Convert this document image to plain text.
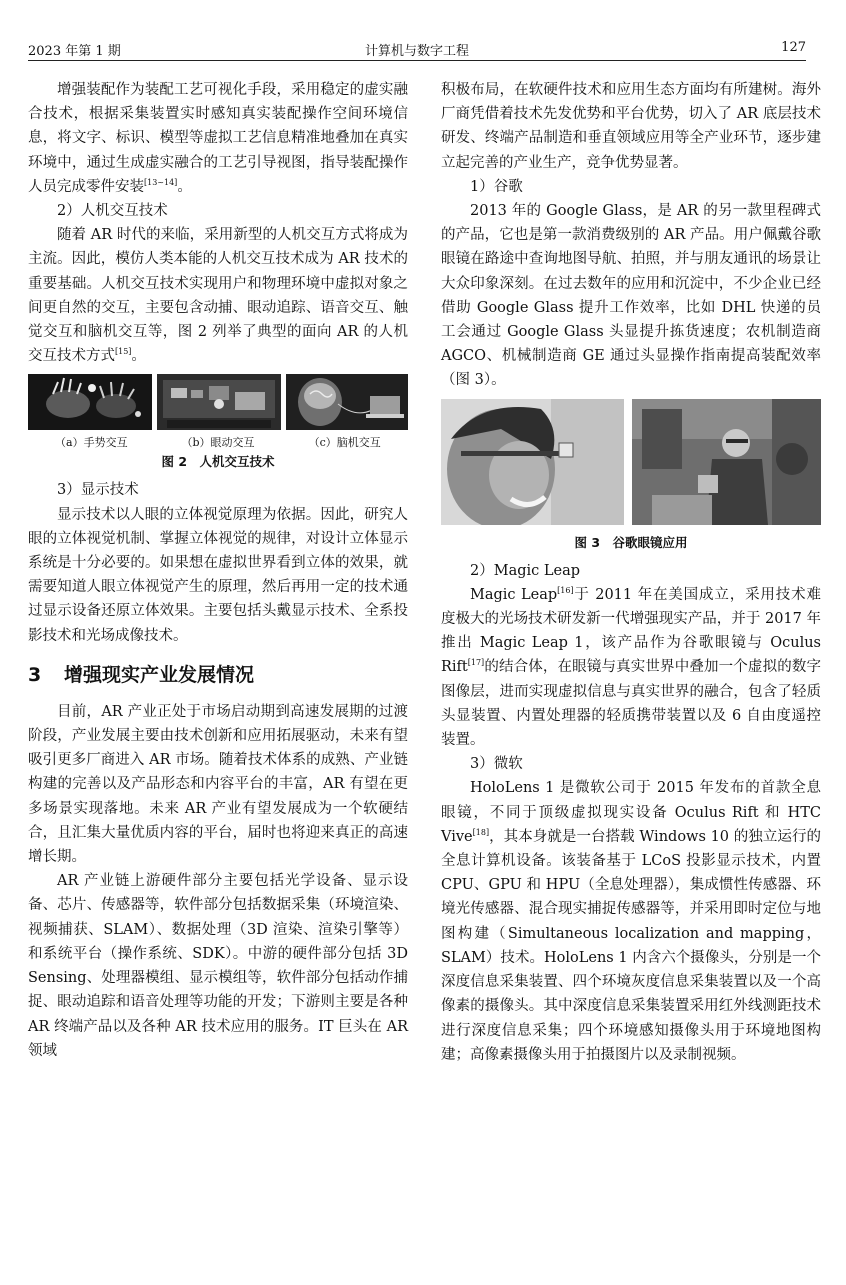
2023 年第 1 期	计算机与数字工程	127

增强装配作为装配工艺可视化手段，采用稳定的虚实融合技术，根据采集装置实时感知真实装配操作空间环境信息，将文字、标识、模型等虚拟工艺信息精准地叠加在真实环境中，通过生成虚实融合的工艺引导视图，指导装配操作人员完成零件安装[13~14]。

2）人机交互技术

随着 AR 时代的来临，采用新型的人机交互方式将成为主流。因此，模仿人类本能的人机交互技术成为 AR 技术的重要基础。人机交互技术实现用户和物理环境中虚拟对象之间更自然的交互，主要包含动捕、眼动追踪、语音交互、触觉交互和脑机交互等，图 2 列举了典型的面向 AR 的人机交互技术方式[15]。

（a）手势交互	（b）眼动交互	（c）脑机交互
图 2　人机交互技术

3）显示技术

显示技术以人眼的立体视觉原理为依据。因此，研究人眼的立体视觉机制、掌握立体视觉的规律，对设计立体显示系统是十分必要的。如果想在虚拟世界看到立体的效果，就需要知道人眼立体视觉产生的原理，然后再用一定的技术通过显示设备还原立体效果。主要包括头戴显示技术、全系投影技术和光场成像技术。

3 增强现实产业发展情况

目前，AR 产业正处于市场启动期到高速发展期的过渡阶段，产业发展主要由技术创新和应用拓展驱动，未来有望吸引更多厂商进入 AR 市场。随着技术体系的成熟、产业链构建的完善以及产品形态和内容平台的丰富，AR 有望在更多场景实现落地。未来 AR 产业有望发展成为一个软硬结合，且汇集大量优质内容的平台，届时也将迎来真正的高速增长期。

AR 产业链上游硬件部分主要包括光学设备、显示设备、芯片、传感器等，软件部分包括数据采集（环境渲染、视频捕获、SLAM）、数据处理（3D 渲染、渲染引擎等）和系统平台（操作系统、SDK）。中游的硬件部分包括 3D Sensing、处理器模组、显示模组等，软件部分包括动作捕捉、眼动追踪和语音处理等功能的开发；下游则主要是各种 AR 终端产品以及各种 AR 技术应用的服务。IT 巨头在 AR 领域

积极布局，在软硬件技术和应用生态方面均有所建树。海外厂商凭借着技术先发优势和平台优势，切入了 AR 底层技术研发、终端产品制造和垂直领域应用等全产业环节，逐步建立起完善的产业生产，竞争优势显著。

1）谷歌

2013 年的 Google Glass，是 AR 的另一款里程碑式的产品，它也是第一款消费级别的 AR 产品。用户佩戴谷歌眼镜在路途中查询地图导航、拍照，并与朋友通讯的场景让大众印象深刻。在过去数年的应用和沉淀中，不少企业已经借助 Google Glass 提升工作效率，比如 DHL 快递的员工会通过 Google Glass 头显提升拣货速度；农机制造商 AGCO、机械制造商 GE 通过头显操作指南提高装配效率（图 3）。

图 3　谷歌眼镜应用

2）Magic Leap

Magic Leap[16]于 2011 年在美国成立，采用技术难度极大的光场技术研发新一代增强现实产品，并于 2017 年推出 Magic Leap 1，该产品作为谷歌眼镜与 Oculus Rift[17]的结合体，在眼镜与真实世界中叠加一个虚拟的数字图像层，进而实现虚拟信息与真实世界的融合，包含了轻质头显装置、内置处理器的轻质携带装置以及 6 自由度遥控装置。

3）微软

HoloLens 1 是微软公司于 2015 年发布的首款全息眼镜，不同于顶级虚拟现实设备 Oculus Rift 和 HTC Vive[18]，其本身就是一台搭载 Windows 10 的独立运行的全息计算机设备。该装备基于 LCoS 投影显示技术，内置 CPU、GPU 和 HPU（全息处理器），集成惯性传感器、环境光传感器、混合现实捕捉传感器等，并采用即时定位与地图构建（Simultaneous localization and mapping，SLAM）技术。HoloLens 1 内含六个摄像头，分别是一个深度信息采集装置、四个环境灰度信息采集装置以及一个高像素的摄像头。其中深度信息采集装置采用红外线测距技术进行深度信息采集；四个环境感知摄像头用于环境地图构建；高像素摄像头用于拍摄图片以及录制视频。
